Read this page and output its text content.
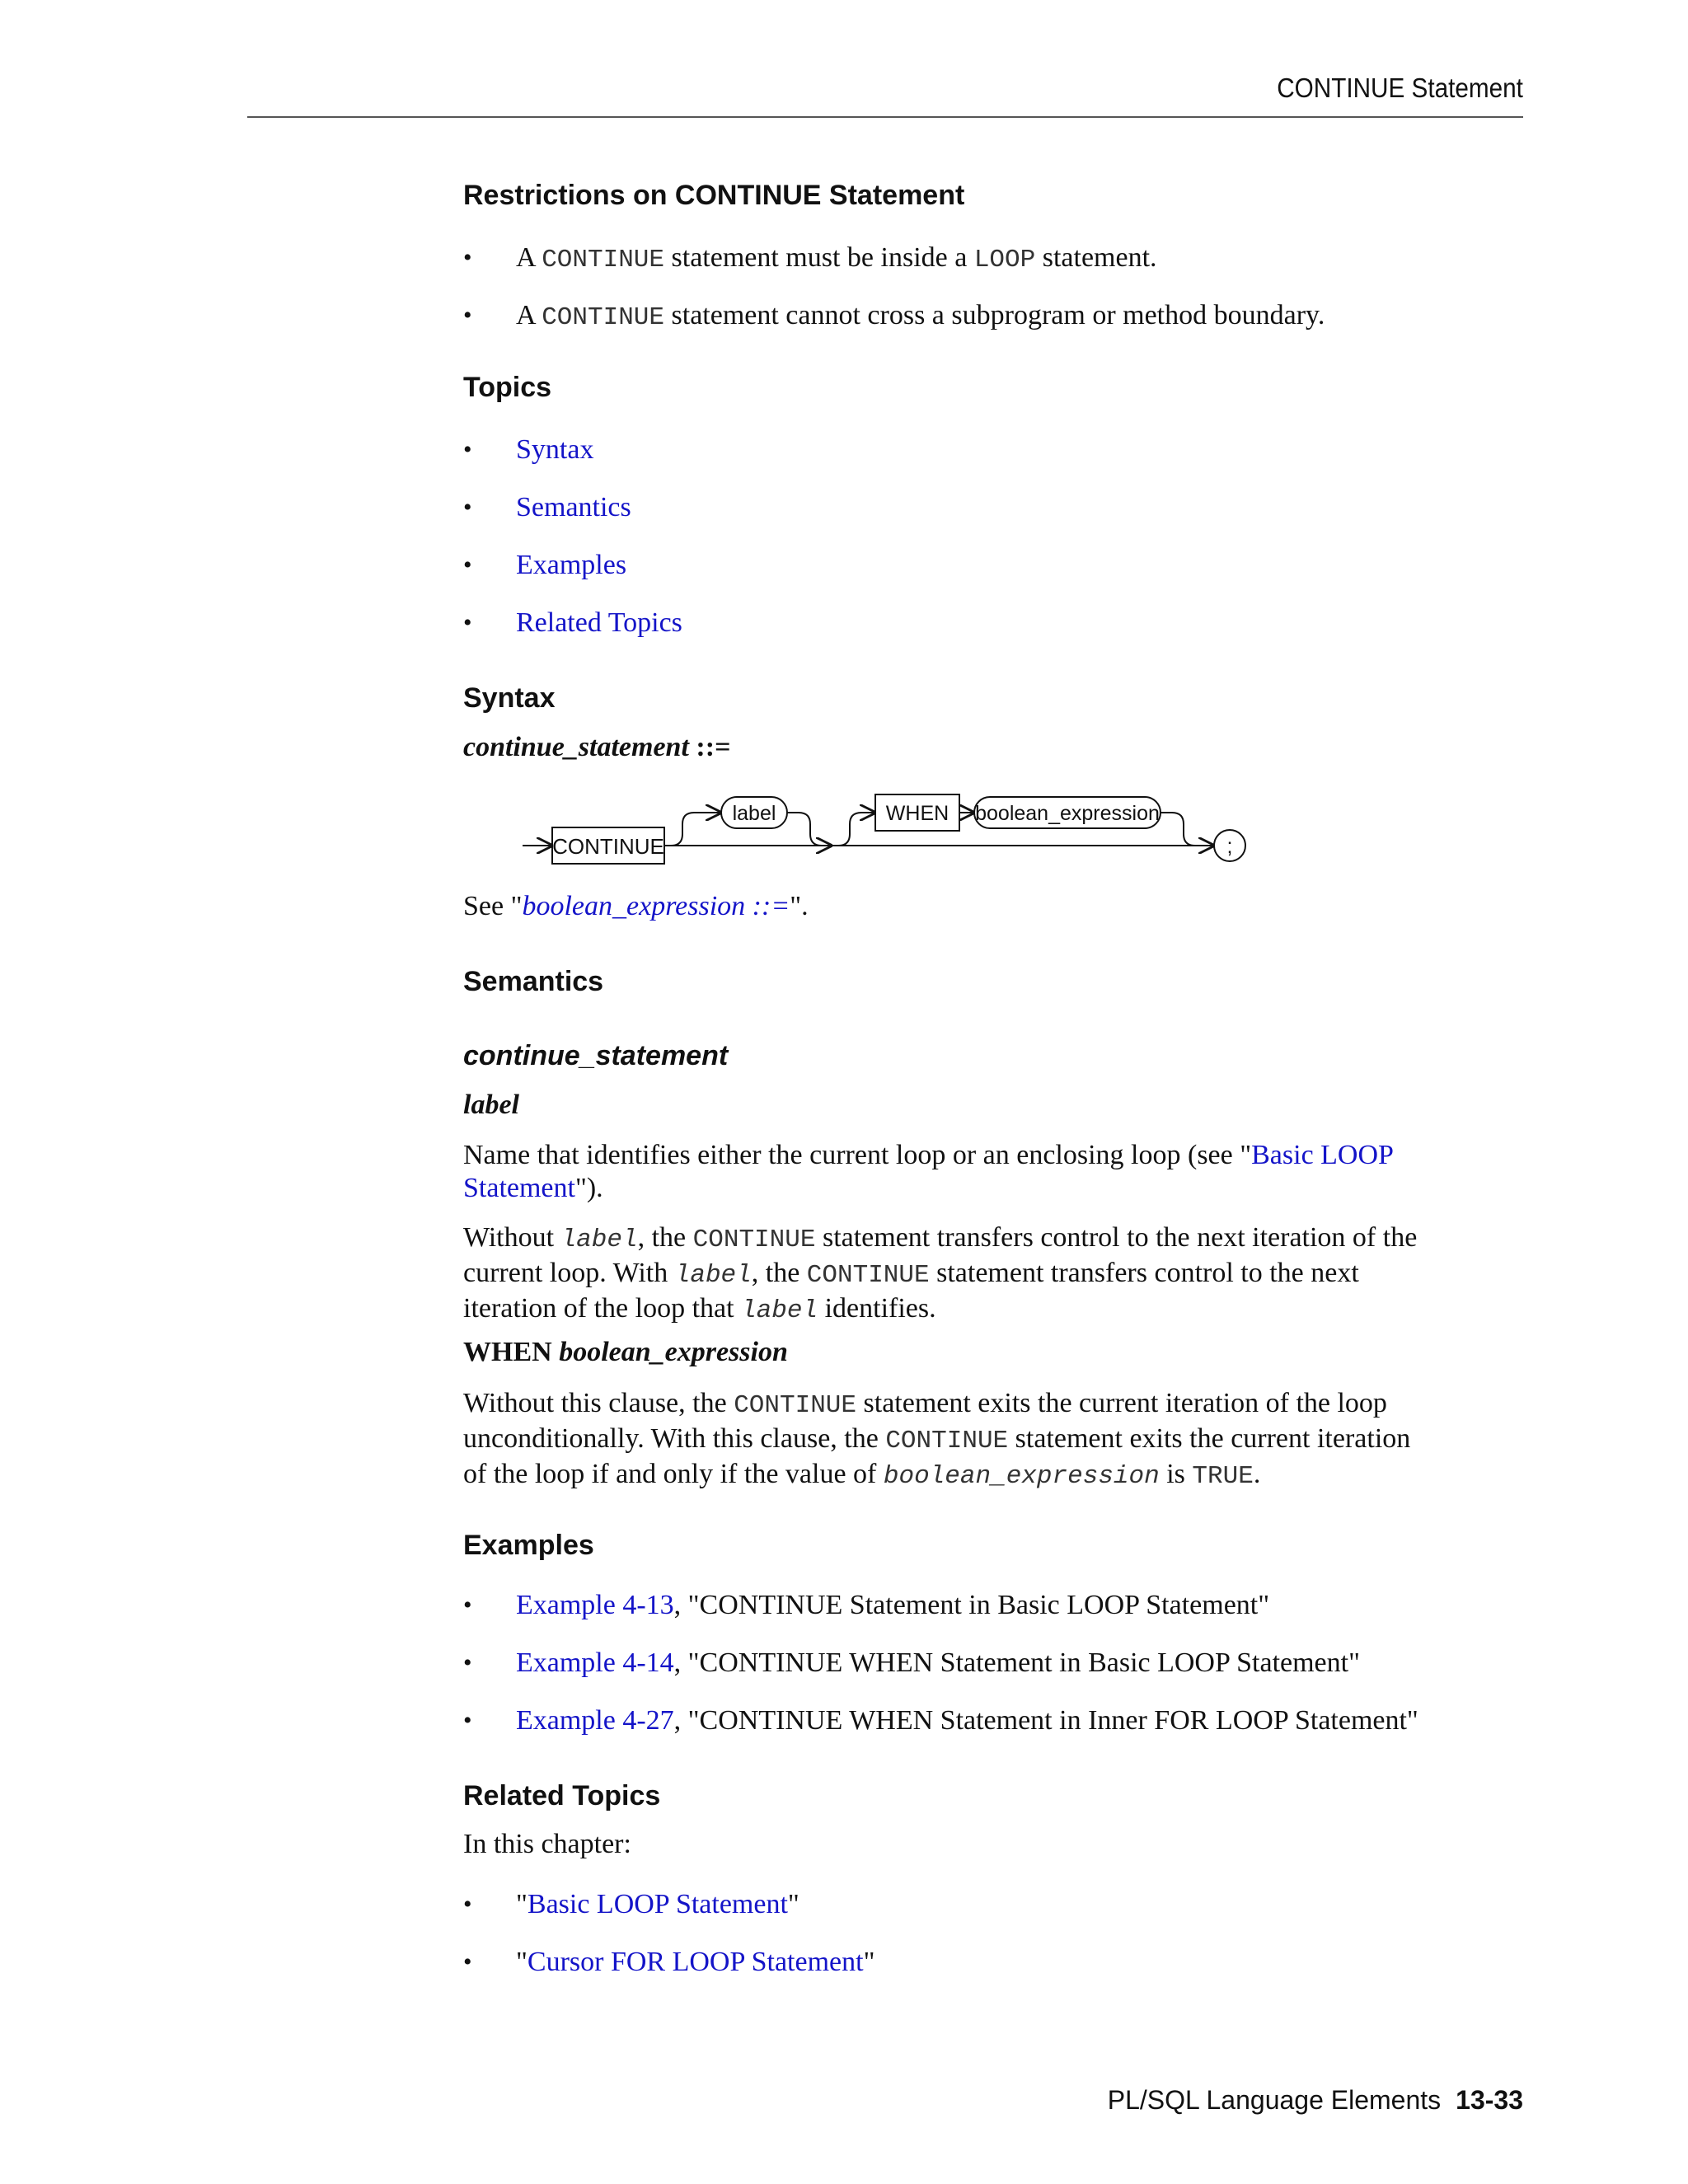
CONTINUE Statement
Restrictions on CONTINUE Statement
• A CONTINUE statement must be inside a LOOP statement.
• A CONTINUE statement cannot cross a subprogram or method boundary.
Topics
• Syntax
• Semantics
• Examples
• Related Topics
Syntax
continue_statement ::=
CONTINUE
label	WHEN boolean_expression
;
See "boolean_expression ::=".
Semantics
continue_statement
label
Name that identifies either the current loop or an enclosing loop (see "Basic LOOP
Statement").
Without label, the CONTINUE statement transfers control to the next iteration of the
current loop. With label, the CONTINUE statement transfers control to the next
iteration of the loop that label identifies.
WHEN boolean_expression
Without this clause, the CONTINUE statement exits the current iteration of the loop
unconditionally. With this clause, the CONTINUE statement exits the current iteration
of the loop if and only if the value of boolean_expression is TRUE.
Examples
• Example 4-13, "CONTINUE Statement in Basic LOOP Statement"
• Example 4-14, "CONTINUE WHEN Statement in Basic LOOP Statement"
• Example 4-27, "CONTINUE WHEN Statement in Inner FOR LOOP Statement"
Related Topics
In this chapter:
• "Basic LOOP Statement"
• "Cursor FOR LOOP Statement"
PL/SQL Language Elements 13-33
